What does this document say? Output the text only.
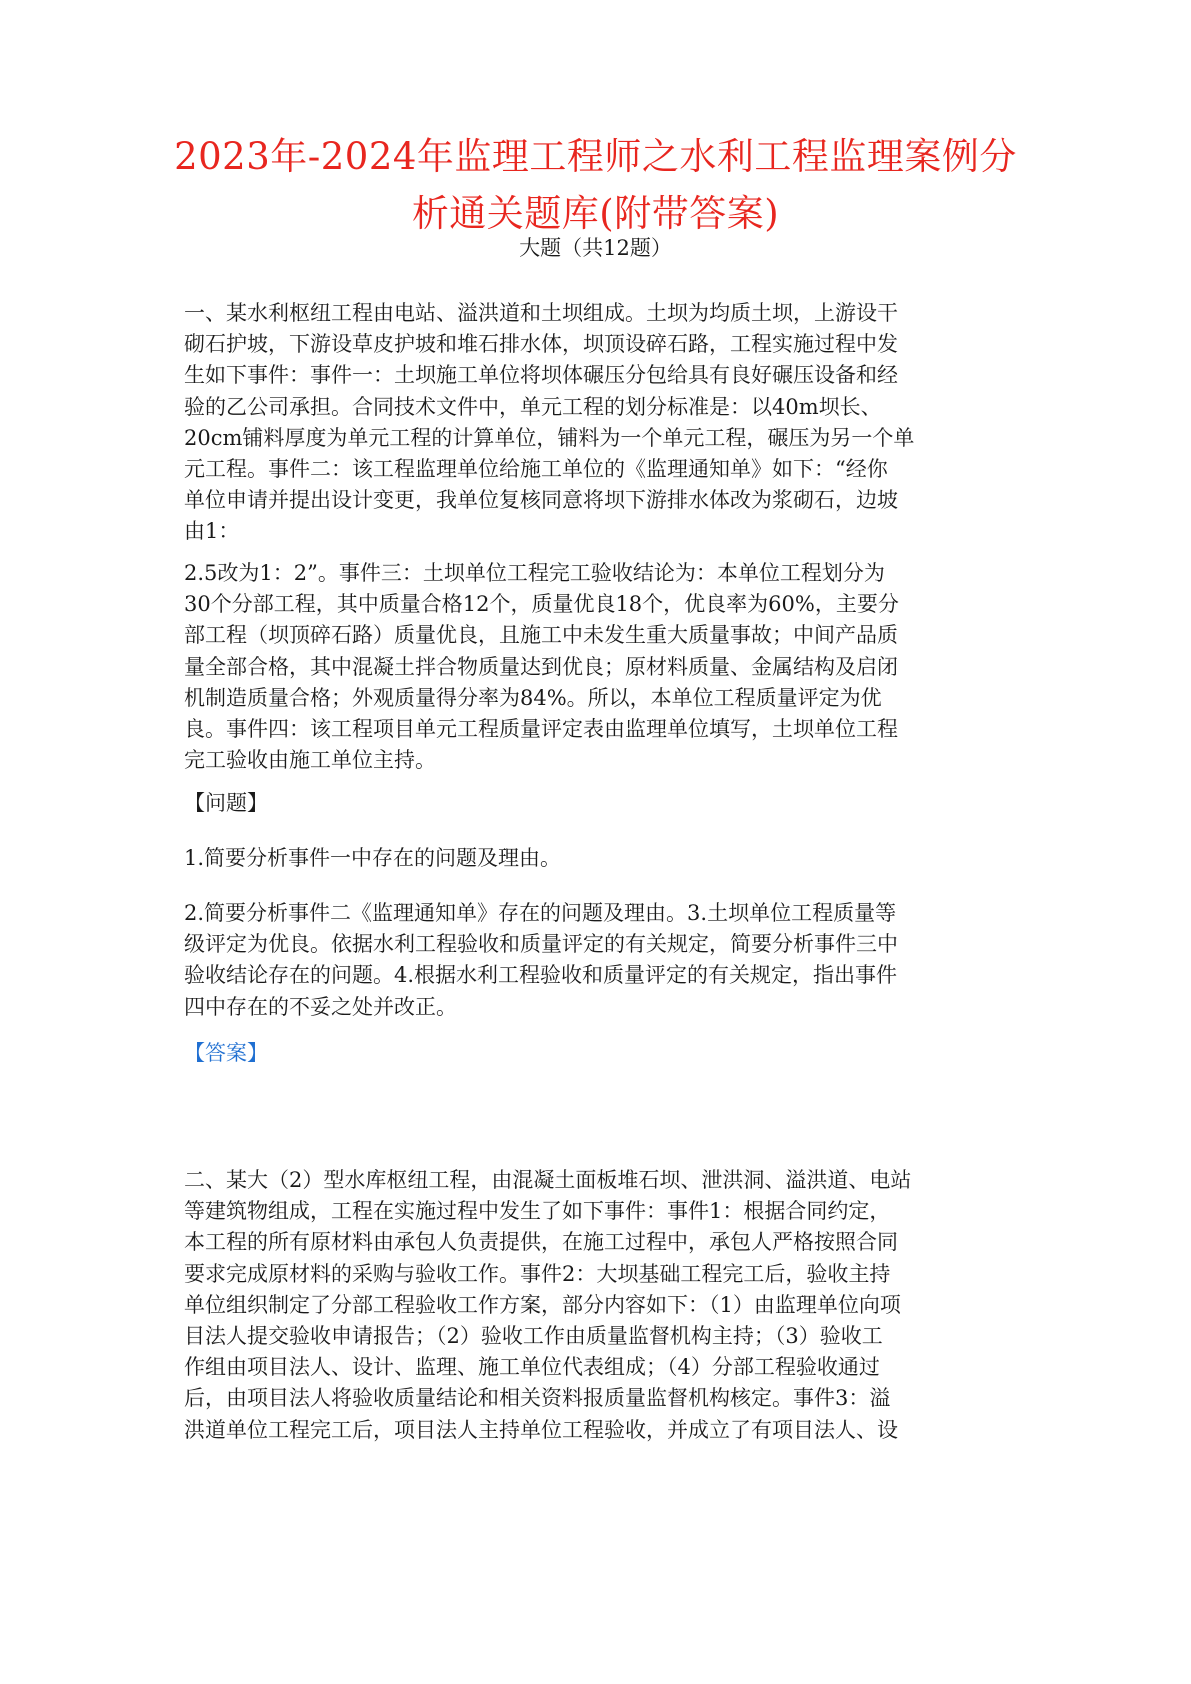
2023年-2024年监理工程师之水利工程监理案例分
析通关题库(附带答案)
大题（共12题）
一、某水利枢纽工程由电站、溢洪道和土坝组成。土坝为均质土坝，上游设干
砌石护坡，下游设草皮护坡和堆石排水体，坝顶设碎石路，工程实施过程中发
生如下事件：事件一：土坝施工单位将坝体碾压分包给具有良好碾压设备和经
验的乙公司承担。合同技术文件中，单元工程的划分标准是：以40m坝长、
20cm铺料厚度为单元工程的计算单位，铺料为一个单元工程，碾压为另一个单
元工程。事件二：该工程监理单位给施工单位的《监理通知单》如下：“经你
单位申请并提出设计变更，我单位复核同意将坝下游排水体改为浆砌石，边坡
由1：
2.5改为1：2”。事件三：土坝单位工程完工验收结论为：本单位工程划分为
30个分部工程，其中质量合格12个，质量优良18个，优良率为60%，主要分
部工程（坝顶碎石路）质量优良，且施工中未发生重大质量事故；中间产品质
量全部合格，其中混凝土拌合物质量达到优良；原材料质量、金属结构及启闭
机制造质量合格；外观质量得分率为84%。所以，本单位工程质量评定为优
良。事件四：该工程项目单元工程质量评定表由监理单位填写，土坝单位工程
完工验收由施工单位主持。
【问题】
1.简要分析事件一中存在的问题及理由。
2.简要分析事件二《监理通知单》存在的问题及理由。3.土坝单位工程质量等
级评定为优良。依据水利工程验收和质量评定的有关规定，简要分析事件三中
验收结论存在的问题。4.根据水利工程验收和质量评定的有关规定，指出事件
四中存在的不妥之处并改正。
【答案】
二、某大（2）型水库枢纽工程，由混凝土面板堆石坝、泄洪洞、溢洪道、电站
等建筑物组成，工程在实施过程中发生了如下事件：事件1：根据合同约定，
本工程的所有原材料由承包人负责提供，在施工过程中，承包人严格按照合同
要求完成原材料的采购与验收工作。事件2：大坝基础工程完工后，验收主持
单位组织制定了分部工程验收工作方案，部分内容如下：（1）由监理单位向项
目法人提交验收申请报告；（2）验收工作由质量监督机构主持；（3）验收工
作组由项目法人、设计、监理、施工单位代表组成；（4）分部工程验收通过
后，由项目法人将验收质量结论和相关资料报质量监督机构核定。事件3：溢
洪道单位工程完工后，项目法人主持单位工程验收，并成立了有项目法人、设
